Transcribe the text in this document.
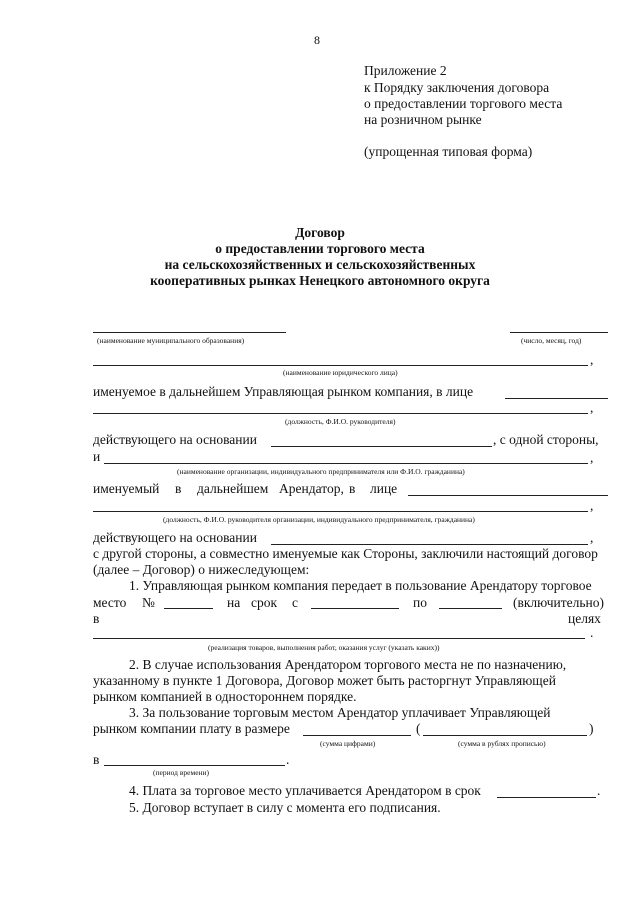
8
Приложение 2
к Порядку заключения договора
о предоставлении торгового места
на розничном рынке
(упрощенная типовая форма)
Договор
о предоставлении торгового места
на сельскохозяйственных и сельскохозяйственных
кооперативных рынках Ненецкого автономного округа
(наименование муниципального образования)	(число, месяц, год)
,
(наименование юридического лица)
именуемое в дальнейшем Управляющая рынком компания, в лице
,
(должность, Ф.И.О. руководителя)
действующего на основании	, с одной стороны,
и	,
(наименование организации, индивидуального предпринимателя или Ф.И.О. гражданина)
именуемый в дальнейшем Арендатор, в лице
,
(должность, Ф.И.О. руководителя организации, индивидуального предпринимателя, гражданина)
действующего на основании	,
с другой стороны, а совместно именуемые как Стороны, заключили настоящий договор
(далее – Договор) о нижеследующем:
1. Управляющая рынком компания передает в пользование Арендатору торговое
место №	на срок с	по	(включительно)
в	целях
.
(реализация товаров, выполнения работ, оказания услуг (указать каких))
2. В случае использования Арендатором торгового места не по назначению,
указанному в пункте 1 Договора, Договор может быть расторгнут Управляющей
рынком компанией в одностороннем порядке.
3. За пользование торговым местом Арендатор уплачивает Управляющей
рынком компании плату в размере	(	)
(сумма цифрами)	(сумма в рублях прописью)
в	.
(период времени)
4. Плата за торговое место уплачивается Арендатором в срок	.
5. Договор вступает в силу с момента его подписания.
